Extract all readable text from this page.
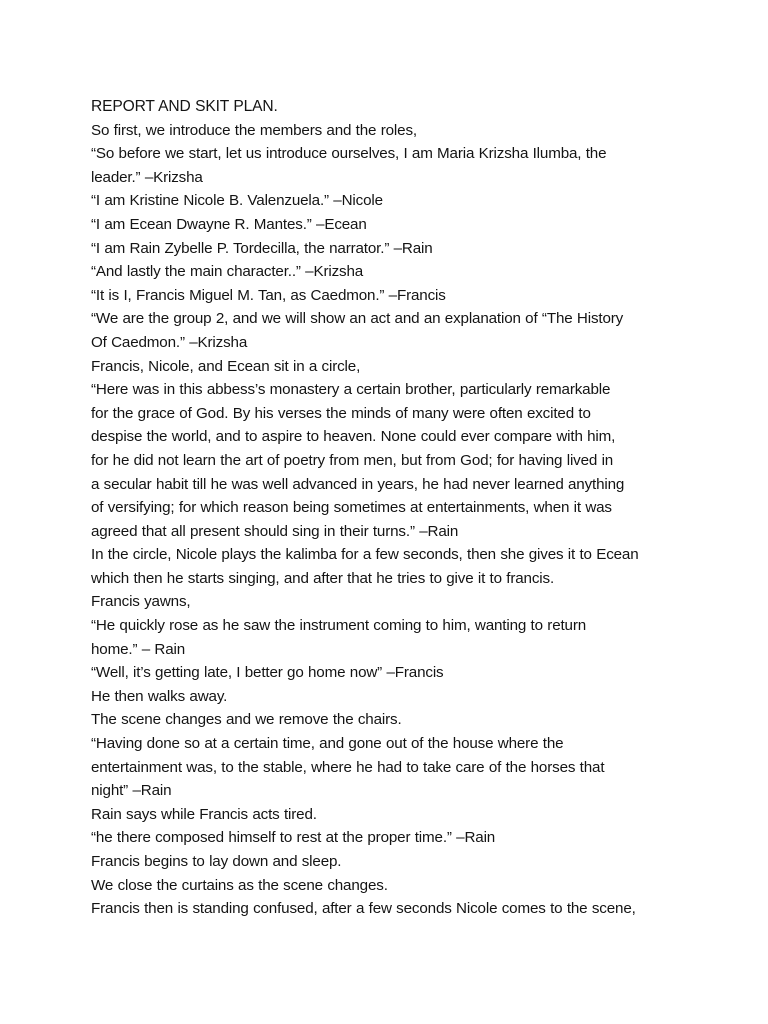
REPORT AND SKIT PLAN.
So first, we introduce the members and the roles,
“So before we start, let us introduce ourselves, I am Maria Krizsha Ilumba, the
leader.” –Krizsha
“I am Kristine Nicole B. Valenzuela.” –Nicole
“I am Ecean Dwayne R. Mantes.” –Ecean
“I am Rain Zybelle P. Tordecilla, the narrator.” –Rain
“And lastly the main character..” –Krizsha
“It is I, Francis Miguel M. Tan, as Caedmon.” –Francis
“We are the group 2, and we will show an act and an explanation of “The History
Of Caedmon.” –Krizsha
Francis, Nicole, and Ecean sit in a circle,
“Here was in this abbess’s monastery a certain brother, particularly remarkable
for the grace of God. By his verses the minds of many were often excited to
despise the world, and to aspire to heaven. None could ever compare with him,
for he did not learn the art of poetry from men, but from God; for having lived in
a secular habit till he was well advanced in years, he had never learned anything
of versifying; for which reason being sometimes at entertainments, when it was
agreed that all present should sing in their turns.” –Rain
In the circle, Nicole plays the kalimba for a few seconds, then she gives it to Ecean
which then he starts singing, and after that he tries to give it to francis.
Francis yawns,
“He quickly rose as he saw the instrument coming to him, wanting to return
home.” – Rain
“Well, it’s getting late, I better go home now” –Francis
He then walks away.
The scene changes and we remove the chairs.
“Having done so at a certain time, and gone out of the house where the
entertainment was, to the stable, where he had to take care of the horses that
night” –Rain
Rain says while Francis acts tired.
“he there composed himself to rest at the proper time.” –Rain
Francis begins to lay down and sleep.
We close the curtains as the scene changes.
Francis then is standing confused, after a few seconds Nicole comes to the scene,
